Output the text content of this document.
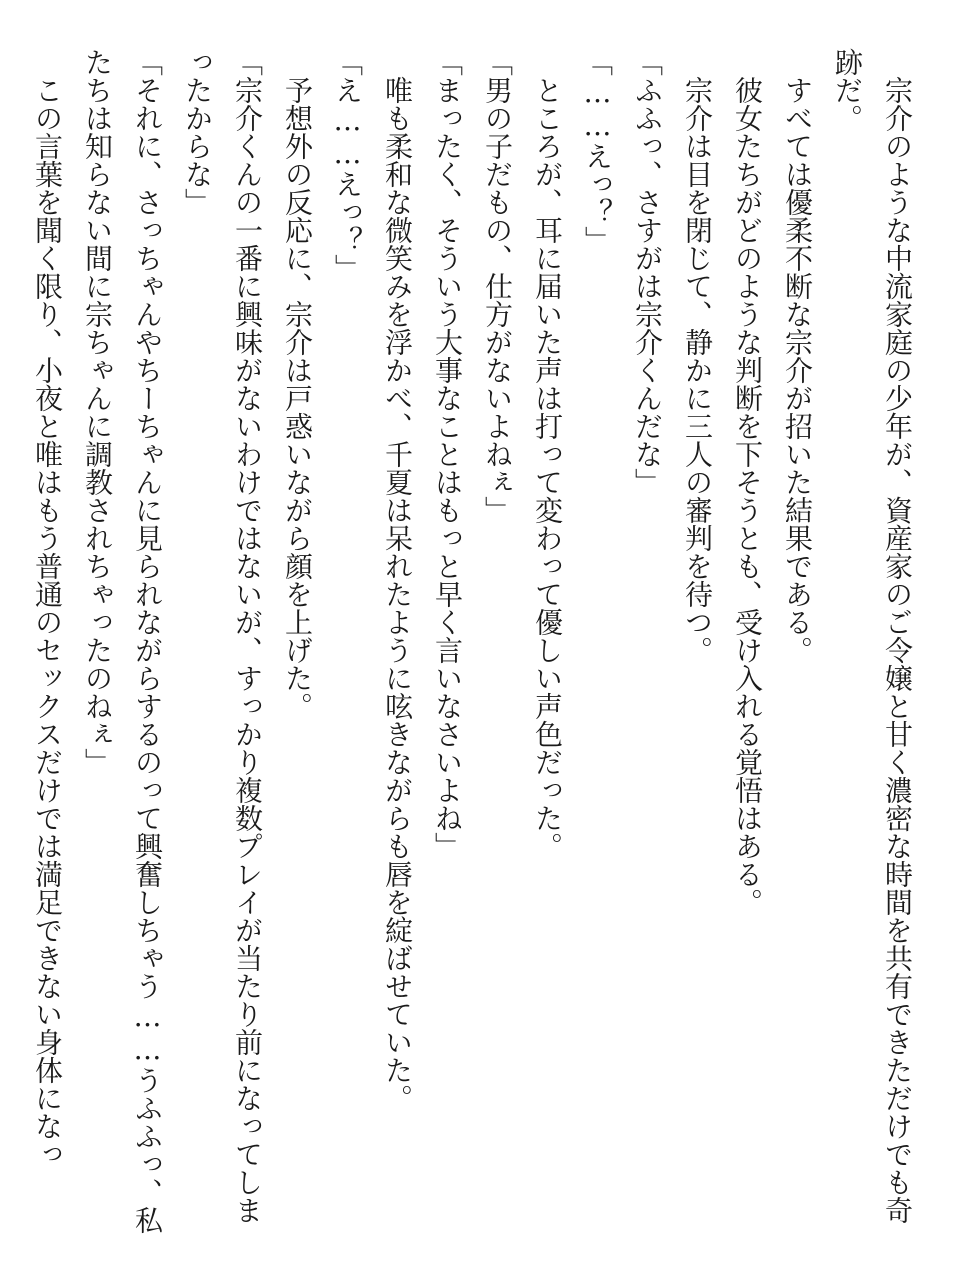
宗介のような中流家庭の少年が、資産家のご令嬢と甘く濃密な時間を共有できただけでも奇跡だ。

すべては優柔不断な宗介が招いた結果である。

彼女たちがどのような判断を下そうとも、受け入れる覚悟はある。

宗介は目を閉じて、静かに三人の審判を待つ。

「ふふっ、さすがは宗介くんだな」

「……えっ？」

ところが、耳に届いた声は打って変わって優しい声色だった。

「男の子だもの、仕方がないよねぇ」

「まったく、そういう大事なことはもっと早く言いなさいよね」

唯も柔和な微笑みを浮かべ、千夏は呆れたように呟きながらも唇を綻ばせていた。

「え……えっ？」

予想外の反応に、宗介は戸惑いながら顔を上げた。

「宗介くんの一番に興味がないわけではないが、すっかり複数プレイが当たり前になってしまったからな」

「それに、さっちゃんやちーちゃんに見られながらするのって興奮しちゃう……うふふっ、私たちは知らない間に宗ちゃんに調教されちゃったのねぇ」

この言葉を聞く限り、小夜と唯はもう普通のセックスだけでは満足できない身体になっ
